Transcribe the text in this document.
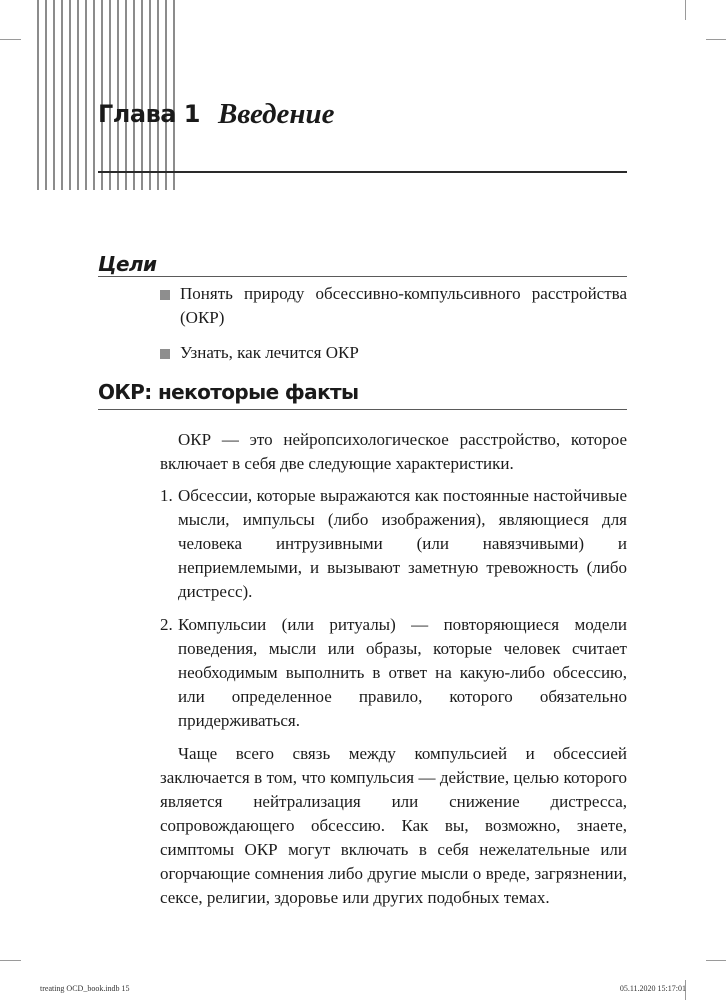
Глава 1 Введение
Цели
Понять природу обсессивно-компульсивного расстройства (ОКР)
Узнать, как лечится ОКР
ОКР: некоторые факты

ОКР — это нейропсихологическое расстройство, которое включает в себя две следующие характеристики.

1. Обсессии, которые выражаются как постоянные настойчивые мысли, импульсы (либо изображения), являющиеся для человека интрузивными (или навязчивыми) и неприемлемыми, и вызывают заметную тревожность (либо дистресс).
2. Компульсии (или ритуалы) — повторяющиеся модели поведения, мысли или образы, которые человек считает необходимым выполнить в ответ на какую-либо обсессию, или определенное правило, которого обязательно придерживаться.

Чаще всего связь между компульсией и обсессией заключается в том, что компульсия — действие, целью которого является нейтрализация или снижение дистресса, сопровождающего обсессию. Как вы, возможно, знаете, симптомы ОКР могут включать в себя нежелательные или огорчающие сомнения либо другие мысли о вреде, загрязнении, сексе, религии, здоровье или других подобных темах.

treating OCD_book.indb 15	05.11.2020 15:17:01
